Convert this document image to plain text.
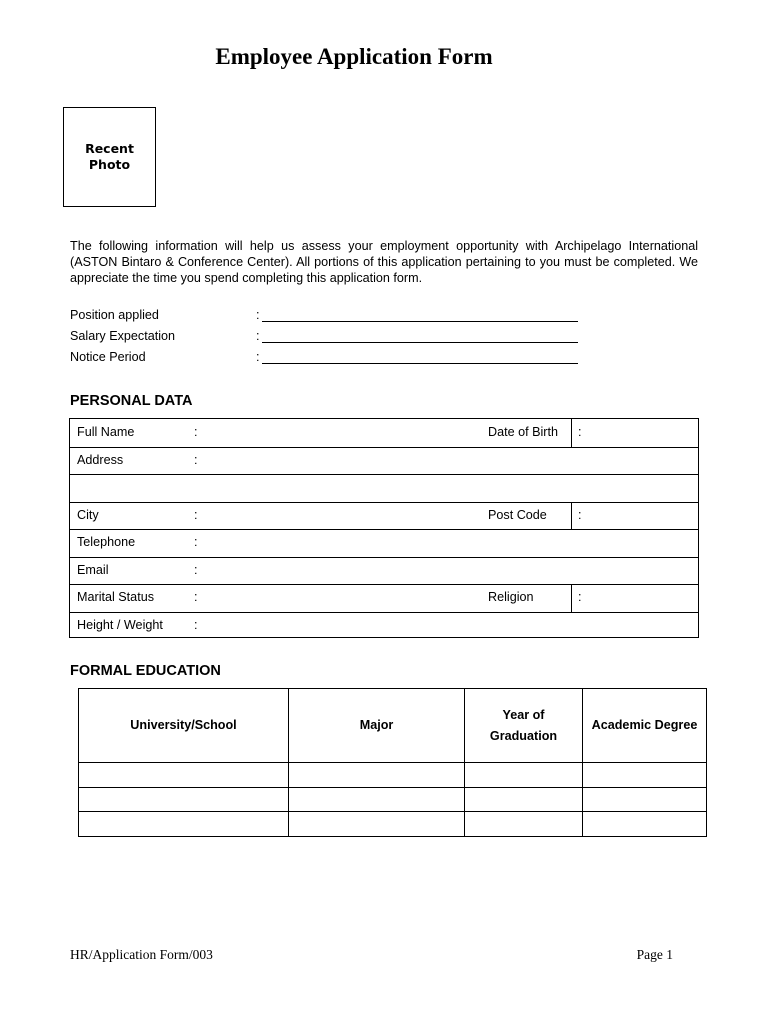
Employee Application Form
Recent
Photo
The following information will help us assess your employment opportunity with Archipelago International (ASTON Bintaro & Conference Center). All portions of this application pertaining to you must be completed. We appreciate the time you spend completing this application form.
Position applied	:
Salary Expectation	:
Notice Period	:
PERSONAL DATA
Full Name	:	Date of Birth :
Address	:
City	:	Post Code :
Telephone	:
Email	:
Marital Status	:	Religion	:
Height / Weight :
FORMAL EDUCATION
University/School	Major	Year of Graduation	Academic Degree

HR/Application Form/003	Page 1
